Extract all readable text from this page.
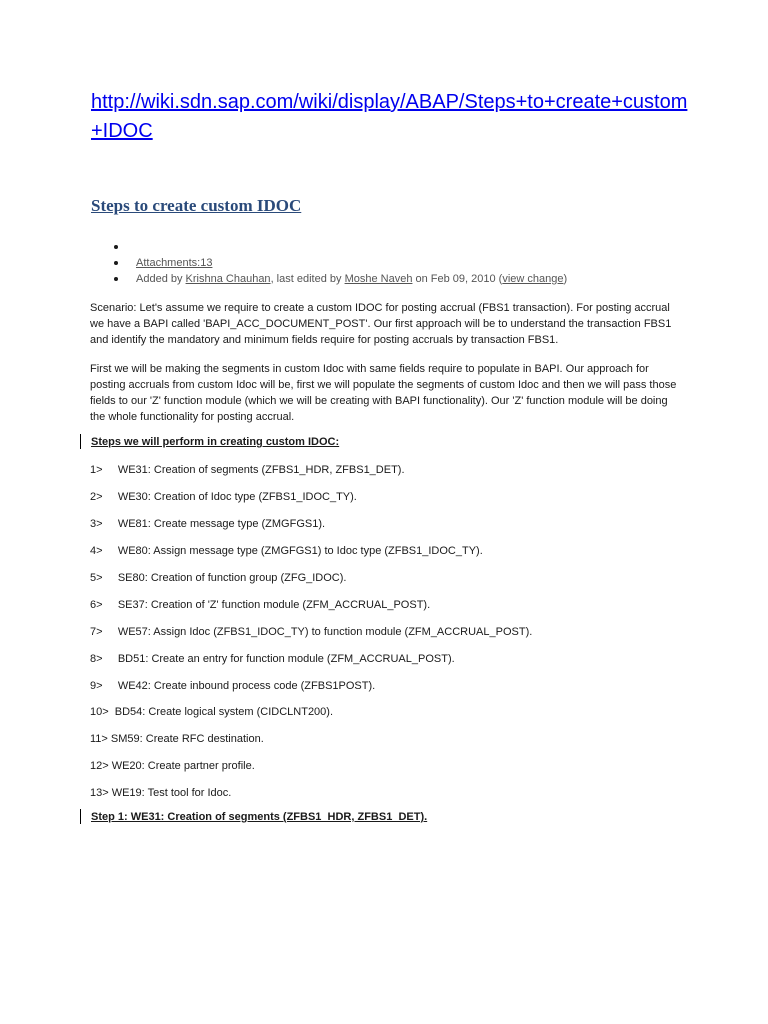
http://wiki.sdn.sap.com/wiki/display/ABAP/Steps+to+create+custom+IDOC
Steps to create custom IDOC
Attachments:13
Added by Krishna Chauhan, last edited by Moshe Naveh on Feb 09, 2010 (view change)

Scenario: Let's assume we require to create a custom IDOC for posting accrual (FBS1 transaction). For posting accrual we have a BAPI called 'BAPI_ACC_DOCUMENT_POST'. Our first approach will be to understand the transaction FBS1 and identify the mandatory and minimum fields require for posting accruals by transaction FBS1.

First we will be making the segments in custom Idoc with same fields require to populate in BAPI. Our approach for posting accruals from custom Idoc will be, first we will populate the segments of custom Idoc and then we will pass those fields to our 'Z' function module (which we will be creating with BAPI functionality). Our 'Z' function module will be doing the whole functionality for posting accrual.

Steps we will perform in creating custom IDOC:
1>     WE31: Creation of segments (ZFBS1_HDR, ZFBS1_DET).
2>     WE30: Creation of Idoc type (ZFBS1_IDOC_TY).
3>     WE81: Create message type (ZMGFGS1).
4>     WE80: Assign message type (ZMGFGS1) to Idoc type (ZFBS1_IDOC_TY).
5>     SE80: Creation of function group (ZFG_IDOC).
6>     SE37: Creation of 'Z' function module (ZFM_ACCRUAL_POST).
7>     WE57: Assign Idoc (ZFBS1_IDOC_TY) to function module (ZFM_ACCRUAL_POST).
8>     BD51: Create an entry for function module (ZFM_ACCRUAL_POST).
9>     WE42: Create inbound process code (ZFBS1POST).
10>  BD54: Create logical system (CIDCLNT200).
11> SM59: Create RFC destination.
12> WE20: Create partner profile.
13> WE19: Test tool for Idoc.
Step 1: WE31: Creation of segments (ZFBS1_HDR, ZFBS1_DET).
